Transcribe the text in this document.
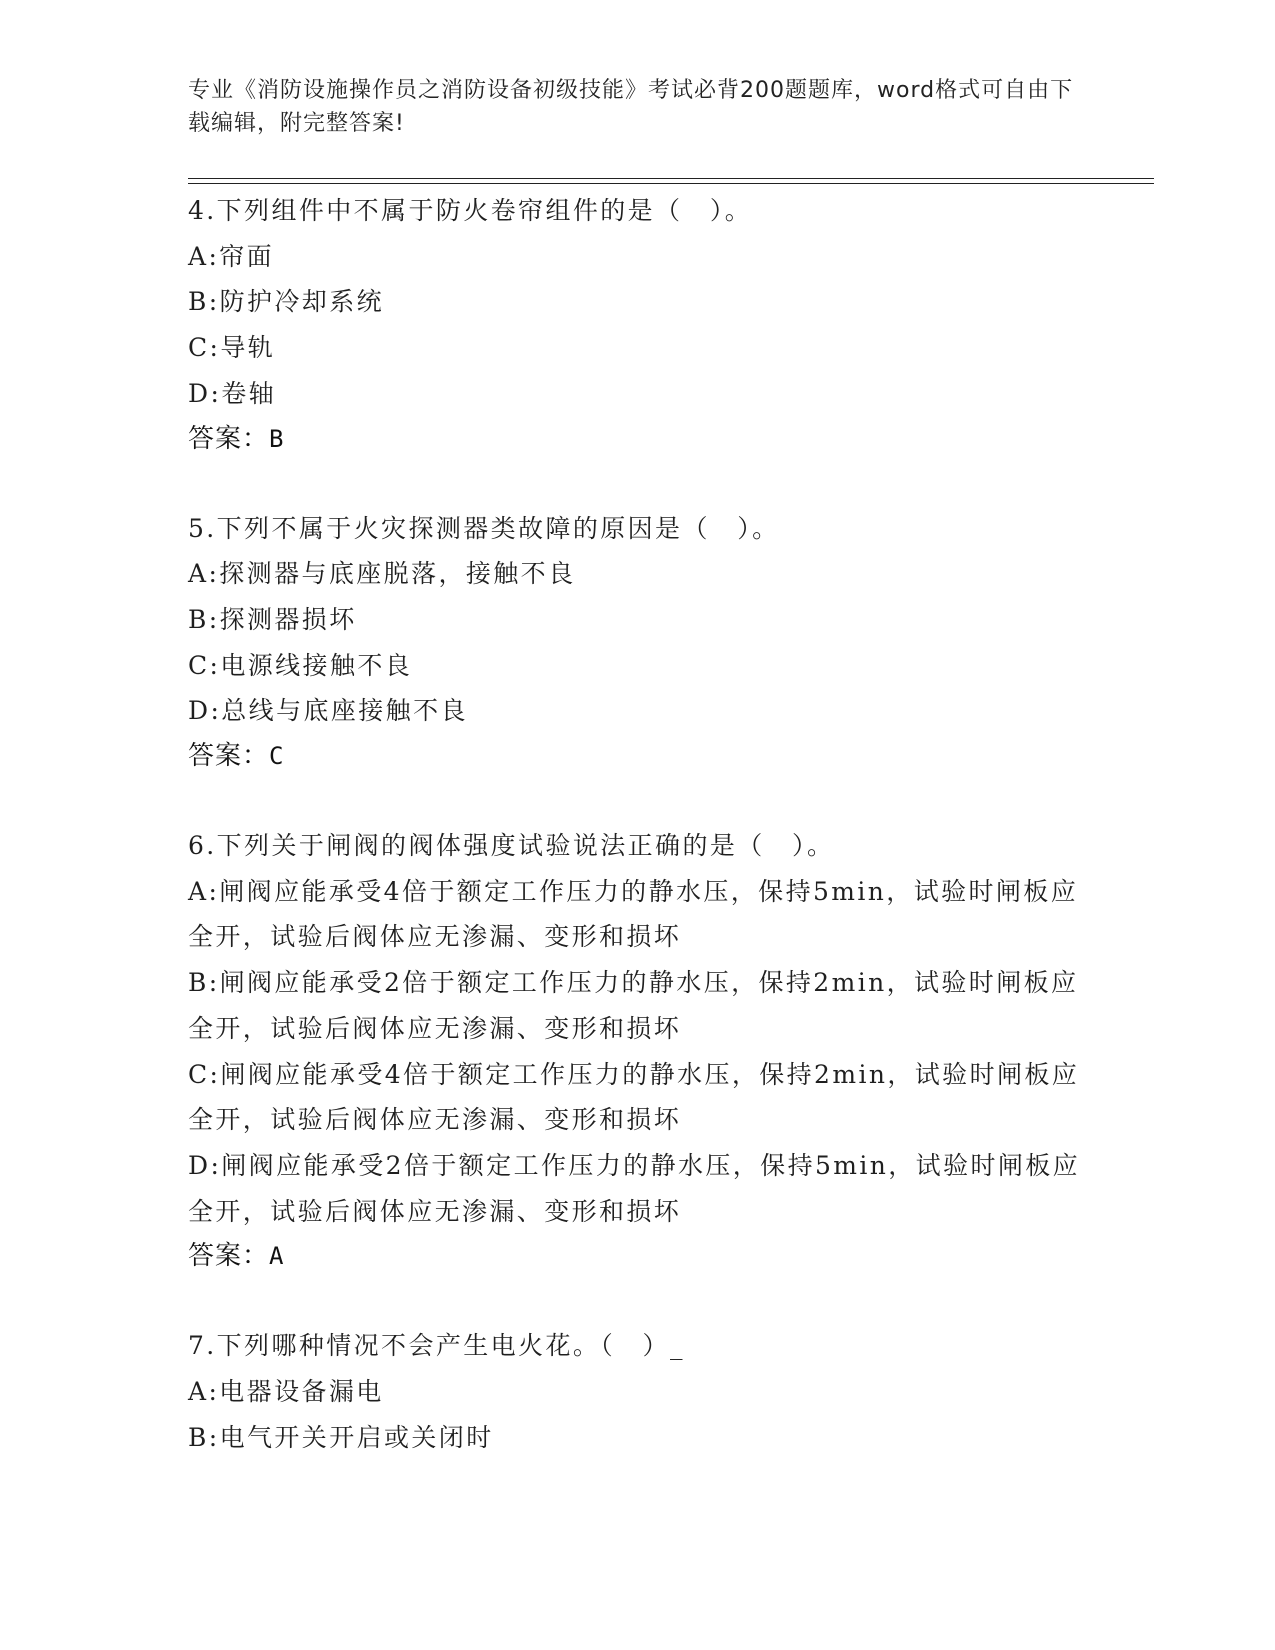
专业《消防设施操作员之消防设备初级技能》考试必背200题题库，word格式可自由下载编辑，附完整答案!
4.下列组件中不属于防火卷帘组件的是（　）。
A:帘面
B:防护冷却系统
C:导轨
D:卷轴
答案：B
5.下列不属于火灾探测器类故障的原因是（　）。
A:探测器与底座脱落，接触不良
B:探测器损坏
C:电源线接触不良
D:总线与底座接触不良
答案：C
6.下列关于闸阀的阀体强度试验说法正确的是（　）。
A:闸阀应能承受4倍于额定工作压力的静水压，保持5min，试验时闸板应全开，试验后阀体应无渗漏、变形和损坏
B:闸阀应能承受2倍于额定工作压力的静水压，保持2min，试验时闸板应全开，试验后阀体应无渗漏、变形和损坏
C:闸阀应能承受4倍于额定工作压力的静水压，保持2min，试验时闸板应全开，试验后阀体应无渗漏、变形和损坏
D:闸阀应能承受2倍于额定工作压力的静水压，保持5min，试验时闸板应全开，试验后阀体应无渗漏、变形和损坏
答案：A
7.下列哪种情况不会产生电火花。（　）_
A:电器设备漏电
B:电气开关开启或关闭时
